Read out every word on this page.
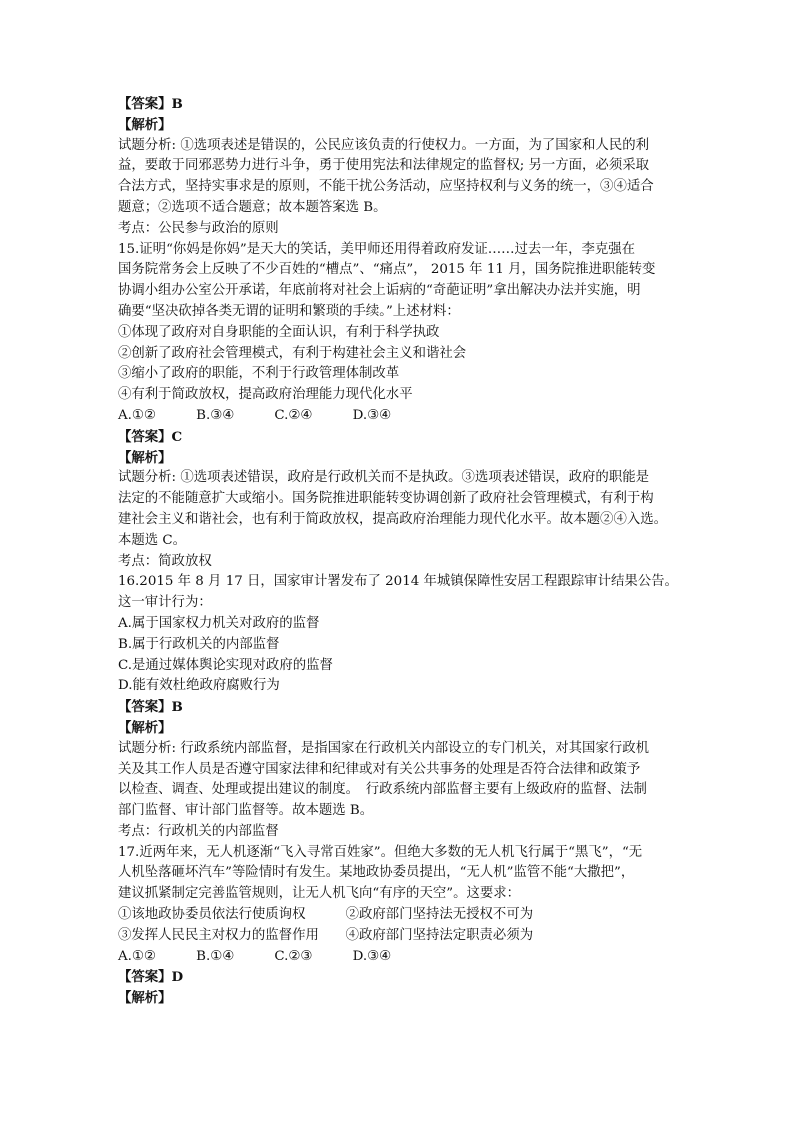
【答案】B
【解析】
试题分析: ①选项表述是错误的，公民应该负责的行使权力。一方面，为了国家和人民的利
益，要敢于同邪恶势力进行斗争，勇于使用宪法和法律规定的监督权; 另一方面，必须采取
合法方式，坚持实事求是的原则，不能干扰公务活动，应坚持权利与义务的统一，③④适合
题意；②选项不适合题意；故本题答案选 B。
考点：公民参与政治的原则
15.证明“你妈是你妈”是天大的笑话，美甲师还用得着政府发证……过去一年，李克强在
国务院常务会上反映了不少百姓的“槽点”、“痛点”， 2015 年 11 月，国务院推进职能转变
协调小组办公室公开承诺，年底前将对社会上诟病的“奇葩证明”拿出解决办法并实施，明
确要“坚决砍掉各类无谓的证明和繁琐的手续。”上述材料：
①体现了政府对自身职能的全面认识，有利于科学执政
②创新了政府社会管理模式，有利于构建社会主义和谐社会
③缩小了政府的职能，不利于行政管理体制改革
④有利于简政放权，提高政府治理能力现代化水平
A.①②　　　B.③④　　　C.②④　　　D.③④
【答案】C
【解析】
试题分析: ①选项表述错误，政府是行政机关而不是执政。③选项表述错误，政府的职能是
法定的不能随意扩大或缩小。国务院推进职能转变协调创新了政府社会管理模式，有利于构
建社会主义和谐社会，也有利于简政放权，提高政府治理能力现代化水平。故本题②④入选。
本题选 C。
考点：简政放权
16.2015 年 8 月 17 日，国家审计署发布了 2014 年城镇保障性安居工程跟踪审计结果公告。
这一审计行为：
A.属于国家权力机关对政府的监督
B.属于行政机关的内部监督
C.是通过媒体舆论实现对政府的监督
D.能有效杜绝政府腐败行为
【答案】B
【解析】
试题分析: 行政系统内部监督，是指国家在行政机关内部设立的专门机关，对其国家行政机
关及其工作人员是否遵守国家法律和纪律或对有关公共事务的处理是否符合法律和政策予
以检查、调查、处理或提出建议的制度。　行政系统内部监督主要有上级政府的监督、法制
部门监督、审计部门监督等。故本题选 B。
考点：行政机关的内部监督
17.近两年来，无人机逐渐“飞入寻常百姓家”。但绝大多数的无人机飞行属于“黑飞”，“无
人机坠落砸坏汽车”等险情时有发生。某地政协委员提出，“无人机”监管不能“大撒把”，
建议抓紧制定完善监管规则，让无人机飞向“有序的天空”。这要求：
①该地政协委员依法行使质询权　　　②政府部门坚持法无授权不可为
③发挥人民民主对权力的监督作用　　④政府部门坚持法定职责必须为
A.①②　　　B.①④　　　C.②③　　　D.③④
【答案】D
【解析】
